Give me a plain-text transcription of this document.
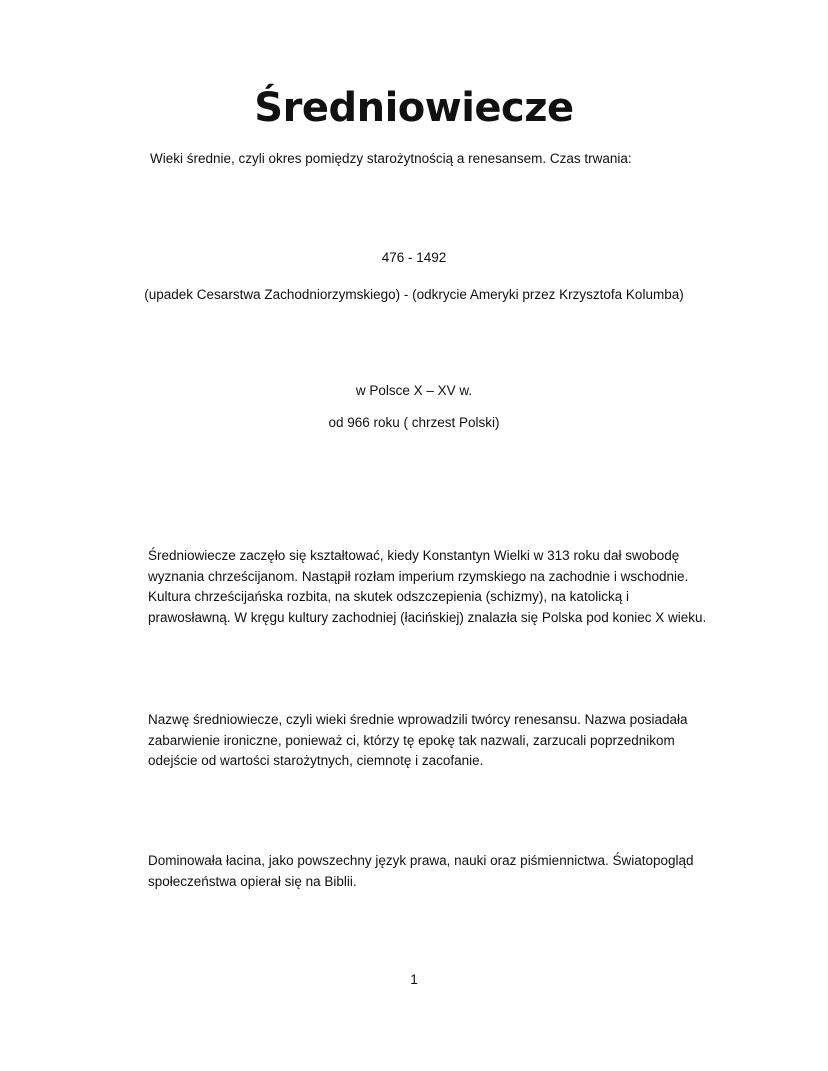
Średniowiecze

Wieki średnie, czyli okres pomiędzy starożytnością a renesansem. Czas trwania:

476 - 1492

(upadek Cesarstwa Zachodniorzymskiego) - (odkrycie Ameryki przez Krzysztofa Kolumba)

w Polsce X – XV w.

od 966 roku ( chrzest Polski)

Średniowiecze zaczęło się kształtować, kiedy Konstantyn Wielki w 313 roku dał swobodę wyznania chrześcijanom. Nastąpił rozłam imperium rzymskiego na zachodnie i wschodnie. Kultura chrześcijańska rozbita, na skutek odszczepienia (schizmy), na katolicką i prawosławną. W kręgu kultury zachodniej (łacińskiej) znalazła się Polska pod koniec X wieku.

Nazwę średniowiecze, czyli wieki średnie wprowadzili twórcy renesansu. Nazwa posiadała zabarwienie ironiczne, ponieważ ci, którzy tę epokę tak nazwali, zarzucali poprzednikom odejście od wartości starożytnych, ciemnotę i zacofanie.

Dominowała łacina, jako powszechny język prawa, nauki oraz piśmiennictwa. Światopogląd społeczeństwa opierał się na Biblii.

1
